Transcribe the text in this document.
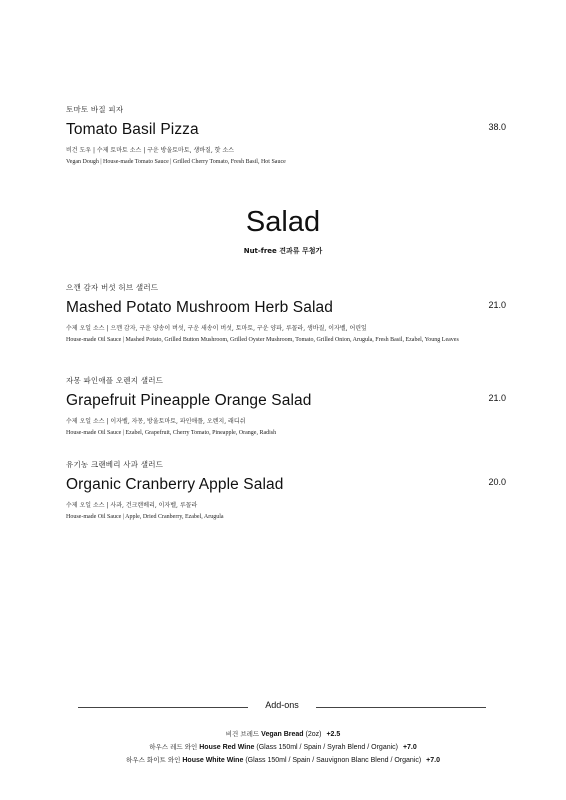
토마토 바질 피자
Tomato Basil Pizza	38.0
비건 도우 | 수제 토마토 소스 | 구운 방울토마토, 생바질, 핫 소스
Vegan Dough | House-made Tomato Sauce | Grilled Cherry Tomato, Fresh Basil, Hot Sauce
Salad
Nut-free 견과류 무첨가
으깬 감자 버섯 허브 샐러드
Mashed Potato Mushroom Herb Salad	21.0
수제 오일 소스 | 으깬 감자, 구운 양송이 버섯, 구운 새송이 버섯, 토마토, 구운 양파, 루꼴라, 생바질, 이자벨, 어린잎
House-made Oil Sauce | Mashed Potato, Grilled Button Mushroom, Grilled Oyster Mushroom, Tomato, Grilled Onion, Arugula, Fresh Basil, Ezabel, Young Leaves
자몽 파인애플 오렌지 샐러드
Grapefruit Pineapple Orange Salad	21.0
수제 오일 소스 | 이자벨, 자몽, 방울토마토, 파인애플, 오렌지, 래디쉬
House-made Oil Sauce | Ezabel, Grapefruit, Cherry Tomato, Pineapple, Orange, Radish
유기농 크랜베리 사과 샐러드
Organic Cranberry Apple Salad	20.0
수제 오일 소스 | 사과, 건크랜베리, 이자벨, 루꼴라
House-made Oil Sauce | Apple, Dried Cranberry, Ezabel, Arugula
Add-ons
비건 브레드 Vegan Bread (2oz) +2.5
하우스 레드 와인 House Red Wine (Glass 150ml / Spain / Syrah Blend / Organic) +7.0
하우스 화이트 와인 House White Wine (Glass 150ml / Spain / Sauvignon Blanc Blend / Organic) +7.0
